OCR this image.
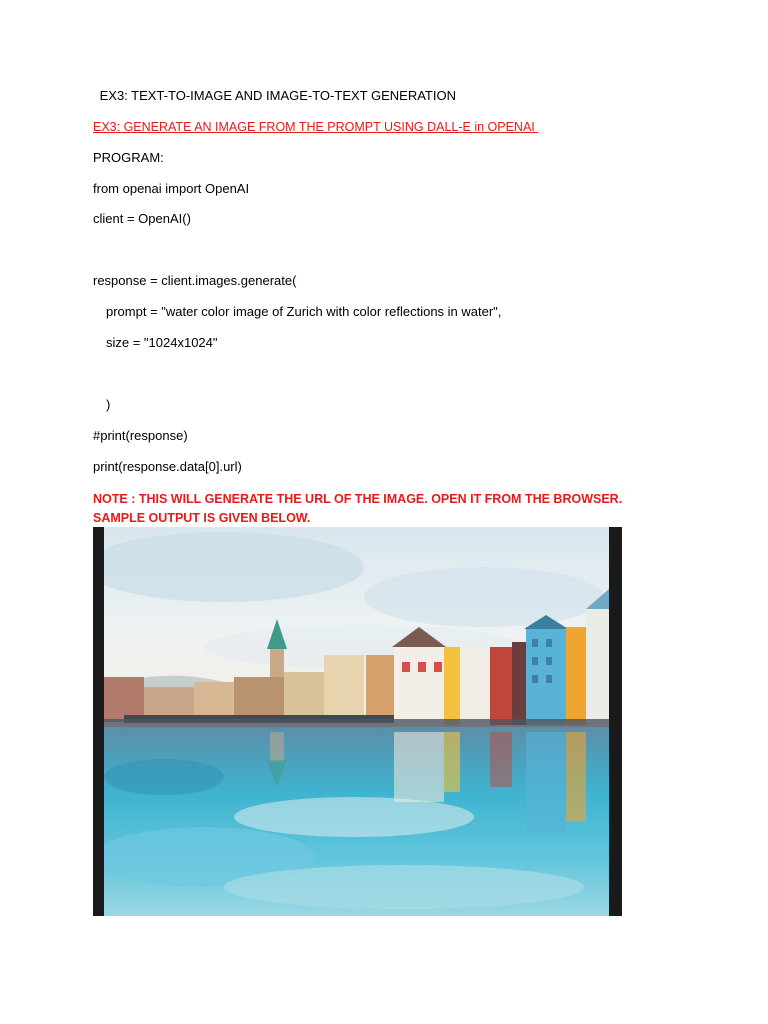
EX3: TEXT-TO-IMAGE AND IMAGE-TO-TEXT GENERATION
EX3: GENERATE AN IMAGE FROM THE PROMPT USING DALL-E in OPENAI
PROGRAM:
from openai import OpenAI
client = OpenAI()
response = client.images.generate(
prompt = "water color image of Zurich with color reflections in water",
size = "1024x1024"
)
#print(response)
print(response.data[0].url)
NOTE : THIS WILL GENERATE THE URL OF THE IMAGE. OPEN IT FROM THE BROWSER. SAMPLE OUTPUT IS GIVEN BELOW.
